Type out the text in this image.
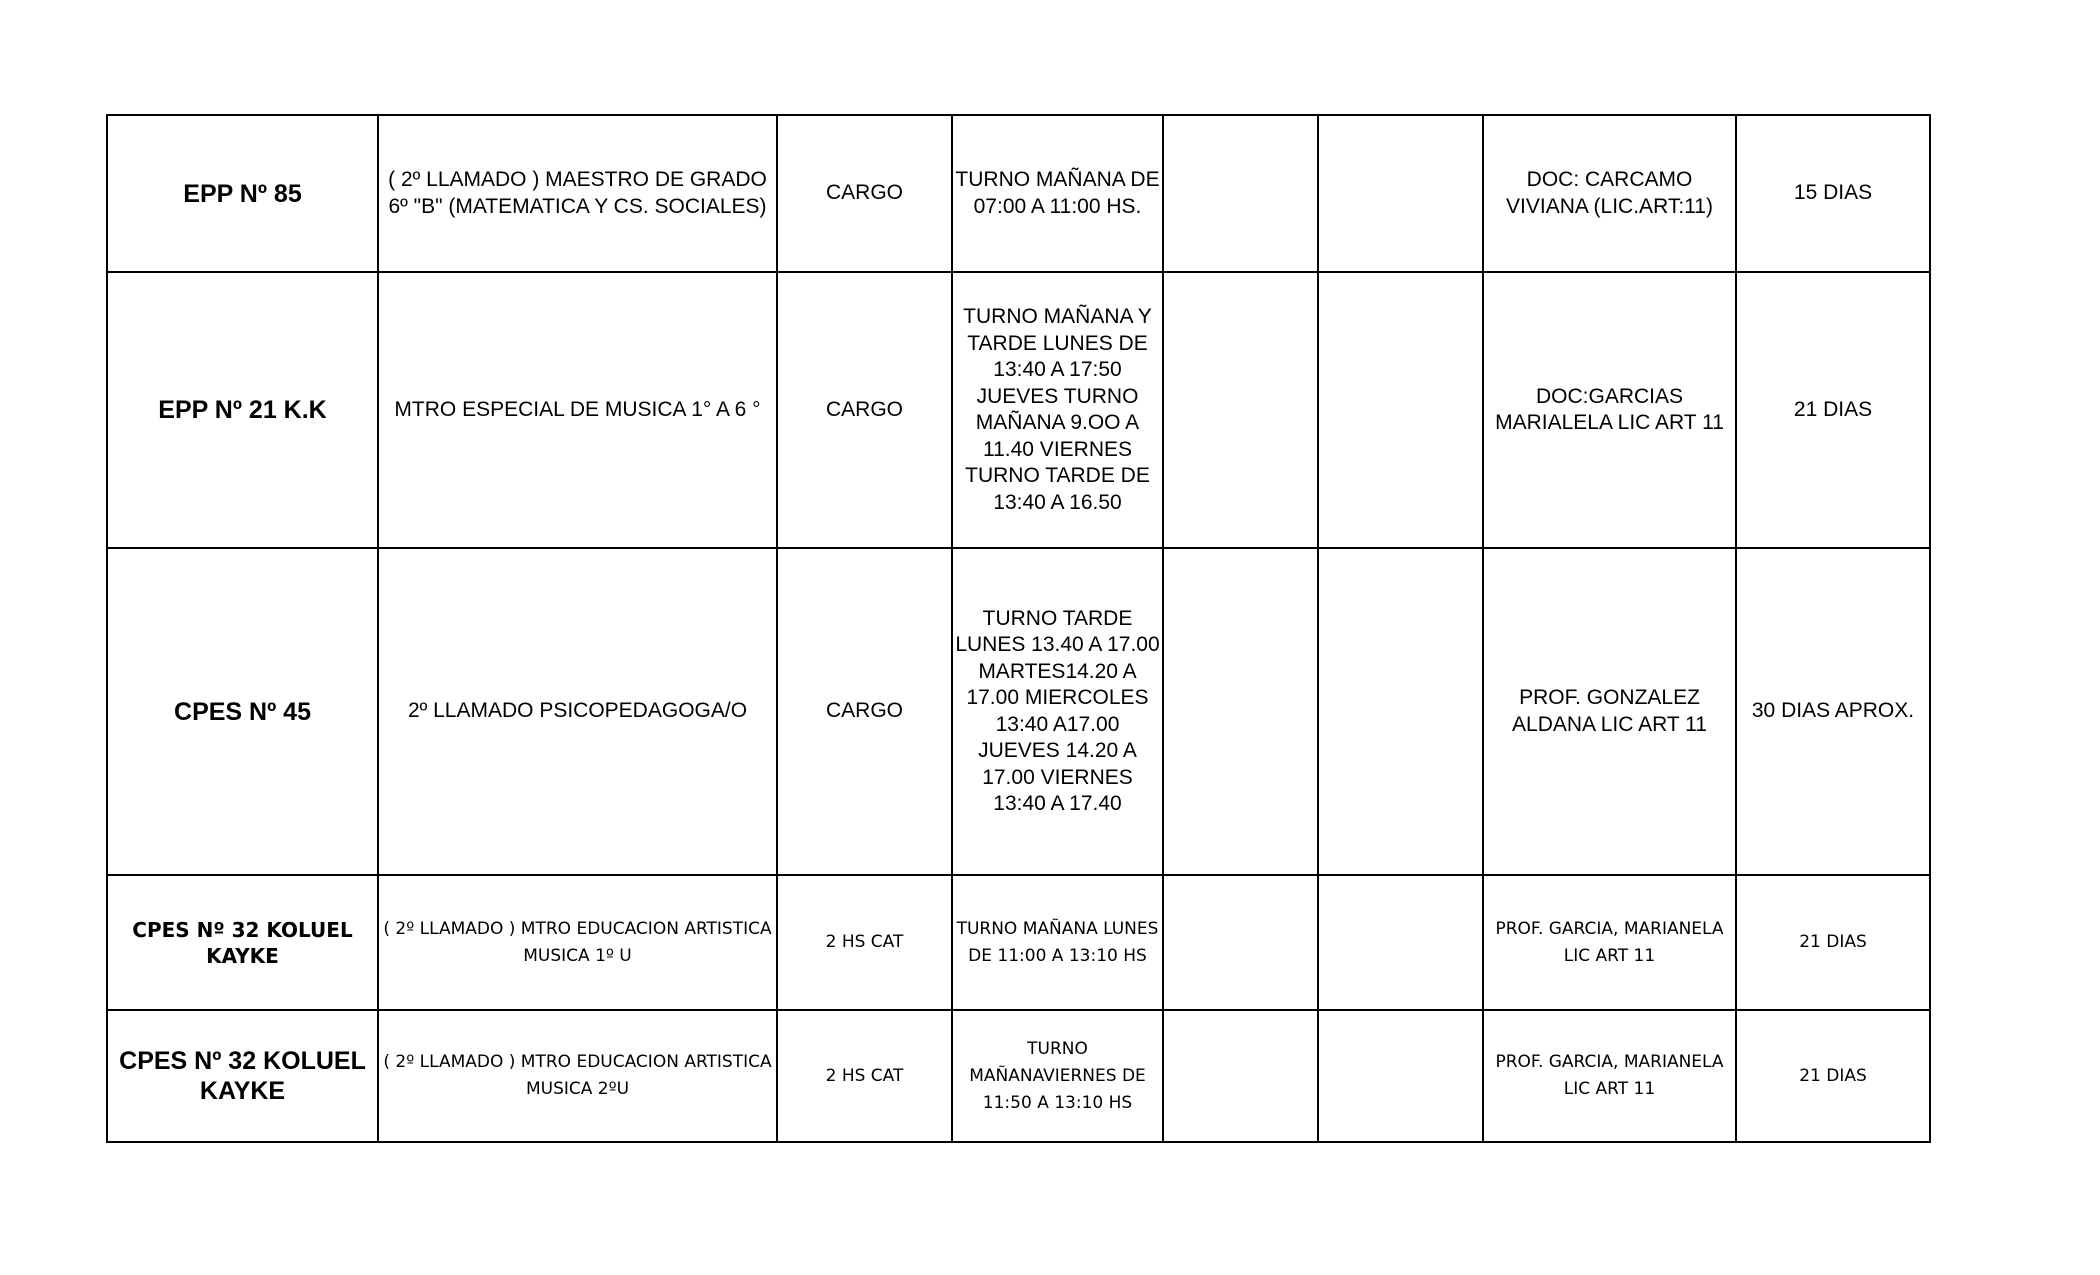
EPP Nº 85	( 2º LLAMADO ) MAESTRO DE GRADO 6º "B" (MATEMATICA Y CS. SOCIALES)	CARGO	TURNO MAÑANA DE 07:00 A 11:00 HS.			DOC: CARCAMO VIVIANA (LIC.ART:11)	15 DIAS
EPP Nº 21 K.K	MTRO ESPECIAL DE MUSICA 1° A 6 °	CARGO	TURNO MAÑANA Y TARDE LUNES DE 13:40 A 17:50 JUEVES TURNO MAÑANA 9.OO A 11.40 VIERNES TURNO TARDE DE 13:40 A 16.50			DOC:GARCIAS MARIALELA LIC ART 11	21 DIAS
CPES Nº 45	2º LLAMADO PSICOPEDAGOGA/O	CARGO	TURNO TARDE LUNES 13.40 A 17.00 MARTES14.20 A 17.00 MIERCOLES 13:40 A17.00 JUEVES 14.20 A 17.00 VIERNES 13:40 A 17.40			PROF. GONZALEZ ALDANA LIC ART 11	30 DIAS APROX.
CPES Nº 32 KOLUEL KAYKE	( 2º LLAMADO ) MTRO EDUCACION ARTISTICA MUSICA 1º U	2 HS CAT	TURNO MAÑANA LUNES DE 11:00 A 13:10 HS			PROF. GARCIA, MARIANELA LIC ART 11	21 DIAS
CPES Nº 32 KOLUEL KAYKE	( 2º LLAMADO ) MTRO EDUCACION ARTISTICA MUSICA 2ºU	2 HS CAT	TURNO MAÑANAVIERNES DE 11:50 A 13:10 HS			PROF. GARCIA, MARIANELA LIC ART 11	21 DIAS
